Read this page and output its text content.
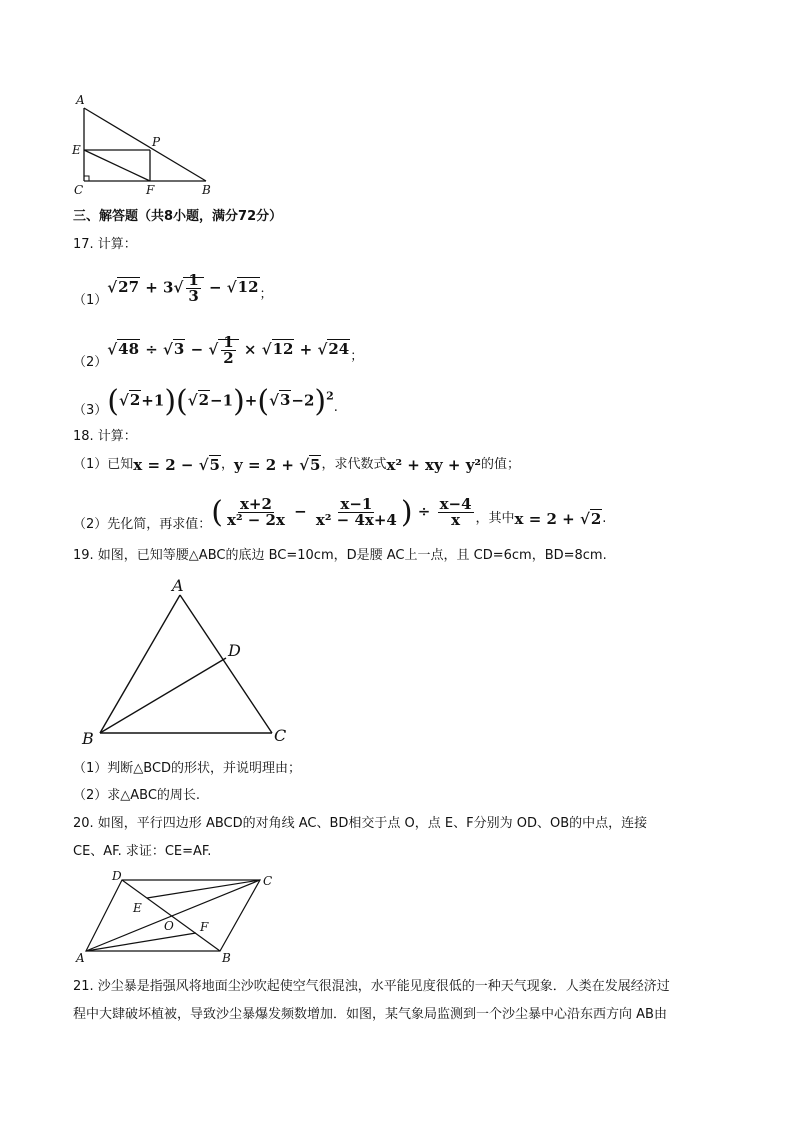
A
P
E
C	F	B
三、解答题（共8小题，满分72分）
17. 计算：
（1）
$√27 + 3√ \frac{1}{3} - √12$ ；
（2）
√48 ÷ √3 − √ $\frac{1}{2} \times √12 + √24$ ；
（3） $(√2+1)(√2-1)+(√3-2)^2$
.
18. 计算：
（1）已知 x = 2 − √5 ， y = 2 + √5 ，求代数式 x² + xy + y² 的值；
（2）先化简，再求值： ( $\frac{x+2}{\text{x² − 2x}} - \frac{x-1}{\text{x² − 4x+4}}$ ) ÷ $\frac{x-4}{x}$ ，其中 x = 2 + √2 .
19. 如图，已知等腰△ABC的底边 BC=10cm，D是腰 AC上一点，且 CD=6cm，BD=8cm.
A
D
B	C
（1）判断△BCD的形状，并说明理由；
（2）求△ABC的周长.
20. 如图，平行四边形 ABCD的对角线 AC、BD相交于点 O，点 E、F分别为 OD、OB的中点，连接
CE、AF. 求证：CE=AF.
D	C
E
O F
A	B
21. 沙尘暴是指强风将地面尘沙吹起使空气很混浊，水平能见度很低的一种天气现象．人类在发展经济过
程中大肆破坏植被，导致沙尘暴爆发频数增加．如图，某气象局监测到一个沙尘暴中心沿东西方向 AB由
